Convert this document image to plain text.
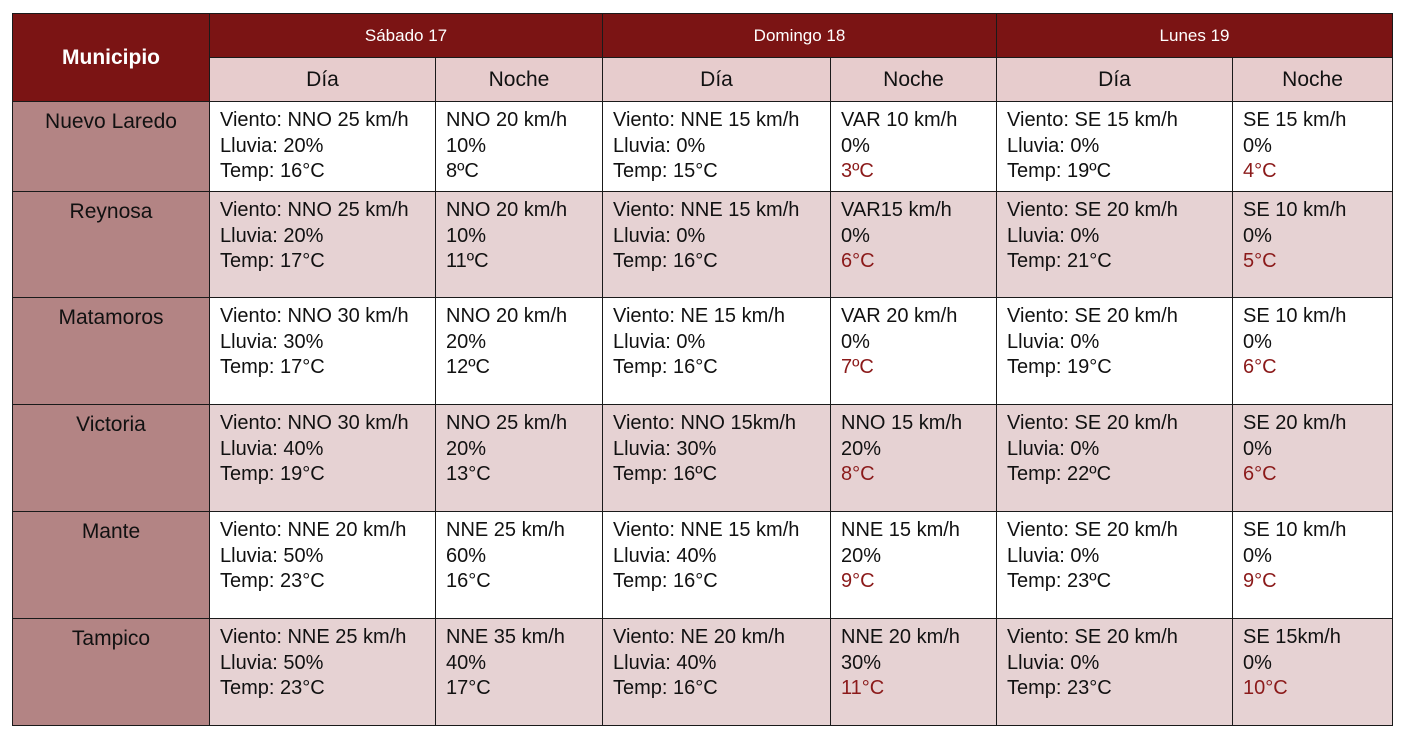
Municipio	Sábado 17		Domingo 18		Lunes 19	
	Día	Noche	Día	Noche	Día	Noche
Nuevo Laredo	Viento: NNO 25 km/h
Lluvia: 20%
Temp: 16°C	NNO 20 km/h
10%
8ºC	Viento: NNE 15 km/h
Lluvia: 0%
Temp: 15°C	VAR 10 km/h
0%
3ºC	Viento: SE 15 km/h
Lluvia: 0%
Temp: 19ºC	SE 15 km/h
0%
4°C

Reynosa	Viento: NNO 25 km/h
Lluvia: 20%
Temp: 17°C	NNO 20 km/h
10%
11ºC	Viento: NNE 15 km/h
Lluvia: 0%
Temp: 16°C	VAR15 km/h
0%
6°C	Viento: SE 20 km/h
Lluvia: 0%
Temp: 21°C	SE 10 km/h
0%
5°C

Matamoros	Viento: NNO 30 km/h
Lluvia: 30%
Temp: 17°C	NNO 20 km/h
20%
12ºC	Viento: NE 15 km/h
Lluvia: 0%
Temp: 16°C	VAR 20 km/h
0%
7ºC	Viento: SE 20 km/h
Lluvia: 0%
Temp: 19°C	SE 10 km/h
0%
6°C

Victoria	Viento: NNO 30 km/h
Lluvia: 40%
Temp: 19°C	NNO 25 km/h
20%
13°C	Viento: NNO 15km/h
Lluvia: 30%
Temp: 16ºC	NNO 15 km/h
20%
8°C	Viento: SE 20 km/h
Lluvia: 0%
Temp: 22ºC	SE 20 km/h
0%
6°C

Mante	Viento: NNE 20 km/h
Lluvia: 50%
Temp: 23°C	NNE 25 km/h
60%
16°C	Viento: NNE 15 km/h
Lluvia: 40%
Temp: 16°C	NNE 15 km/h
20%
9°C	Viento: SE 20 km/h
Lluvia: 0%
Temp: 23ºC	SE 10 km/h
0%
9°C

Tampico	Viento: NNE 25 km/h
Lluvia: 50%
Temp: 23°C	NNE 35 km/h
40%
17°C	Viento: NE 20 km/h
Lluvia: 40%
Temp: 16°C	NNE 20 km/h
30%
11°C	Viento: SE 20 km/h
Lluvia: 0%
Temp: 23°C	SE 15km/h
0%
10°C
